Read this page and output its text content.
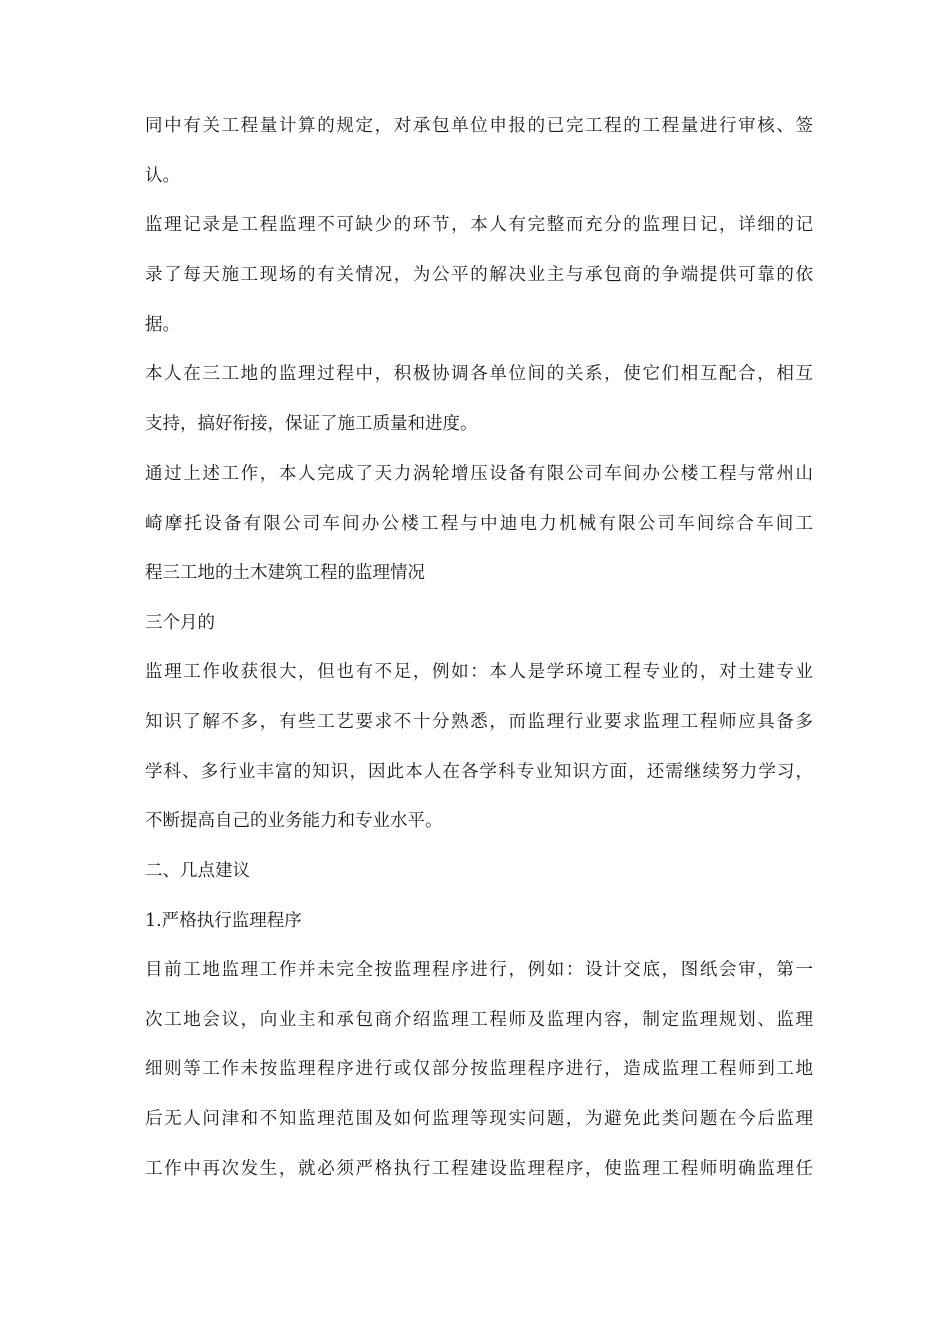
同中有关工程量计算的规定，对承包单位申报的已完工程的工程量进行审核、签
认。
监理记录是工程监理不可缺少的环节，本人有完整而充分的监理日记，详细的记
录了每天施工现场的有关情况，为公平的解决业主与承包商的争端提供可靠的依
据。
本人在三工地的监理过程中，积极协调各单位间的关系，使它们相互配合，相互
支持，搞好衔接，保证了施工质量和进度。
通过上述工作，本人完成了天力涡轮增压设备有限公司车间办公楼工程与常州山
崎摩托设备有限公司车间办公楼工程与中迪电力机械有限公司车间综合车间工
程三工地的土木建筑工程的监理情况
三个月的
监理工作收获很大，但也有不足，例如：本人是学环境工程专业的，对土建专业
知识了解不多，有些工艺要求不十分熟悉，而监理行业要求监理工程师应具备多
学科、多行业丰富的知识，因此本人在各学科专业知识方面，还需继续努力学习，
不断提高自己的业务能力和专业水平。
二、几点建议
1.严格执行监理程序
目前工地监理工作并未完全按监理程序进行，例如：设计交底，图纸会审，第一
次工地会议，向业主和承包商介绍监理工程师及监理内容，制定监理规划、监理
细则等工作未按监理程序进行或仅部分按监理程序进行，造成监理工程师到工地
后无人问津和不知监理范围及如何监理等现实问题，为避免此类问题在今后监理
工作中再次发生，就必须严格执行工程建设监理程序，使监理工程师明确监理任
